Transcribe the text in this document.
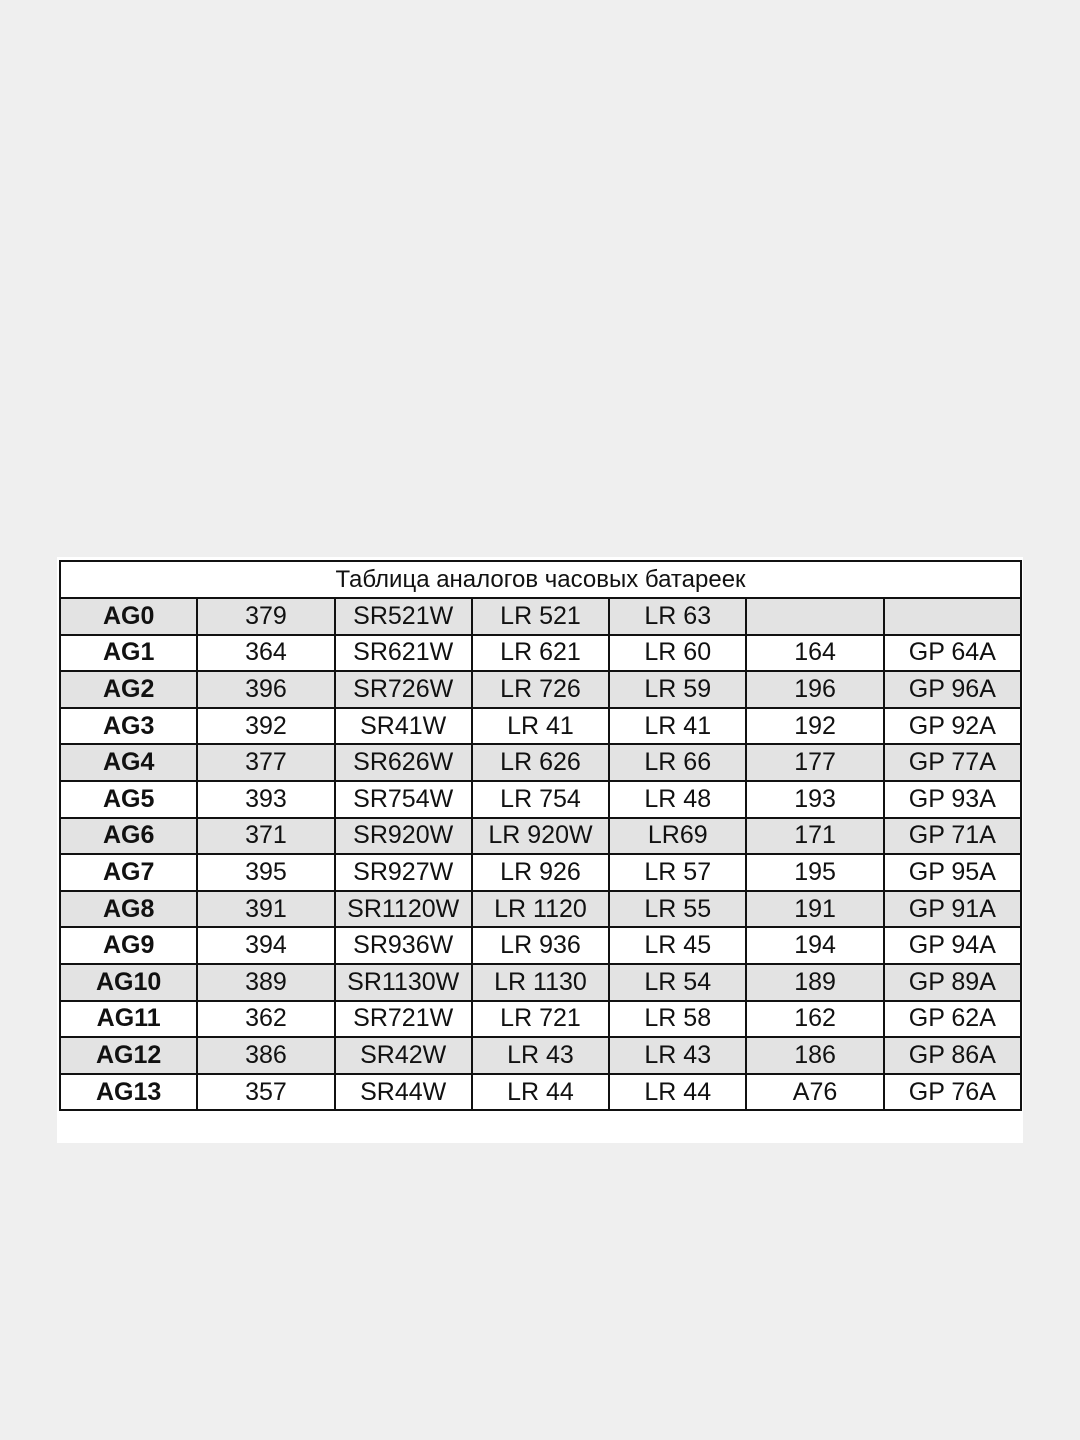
Таблица аналогов часовых батареек						
AG0	379	SR521W	LR 521	LR 63		
AG1	364	SR621W	LR 621	LR 60	164	GP 64A
AG2	396	SR726W	LR 726	LR 59	196	GP 96A
AG3	392	SR41W	LR 41	LR 41	192	GP 92A
AG4	377	SR626W	LR 626	LR 66	177	GP 77A
AG5	393	SR754W	LR 754	LR 48	193	GP 93A
AG6	371	SR920W	LR 920W	LR69	171	GP 71A
AG7	395	SR927W	LR 926	LR 57	195	GP 95A
AG8	391	SR1120W	LR 1120	LR 55	191	GP 91A
AG9	394	SR936W	LR 936	LR 45	194	GP 94A
AG10	389	SR1130W	LR 1130	LR 54	189	GP 89A
AG11	362	SR721W	LR 721	LR 58	162	GP 62A
AG12	386	SR42W	LR 43	LR 43	186	GP 86A
AG13	357	SR44W	LR 44	LR 44	A76	GP 76A
